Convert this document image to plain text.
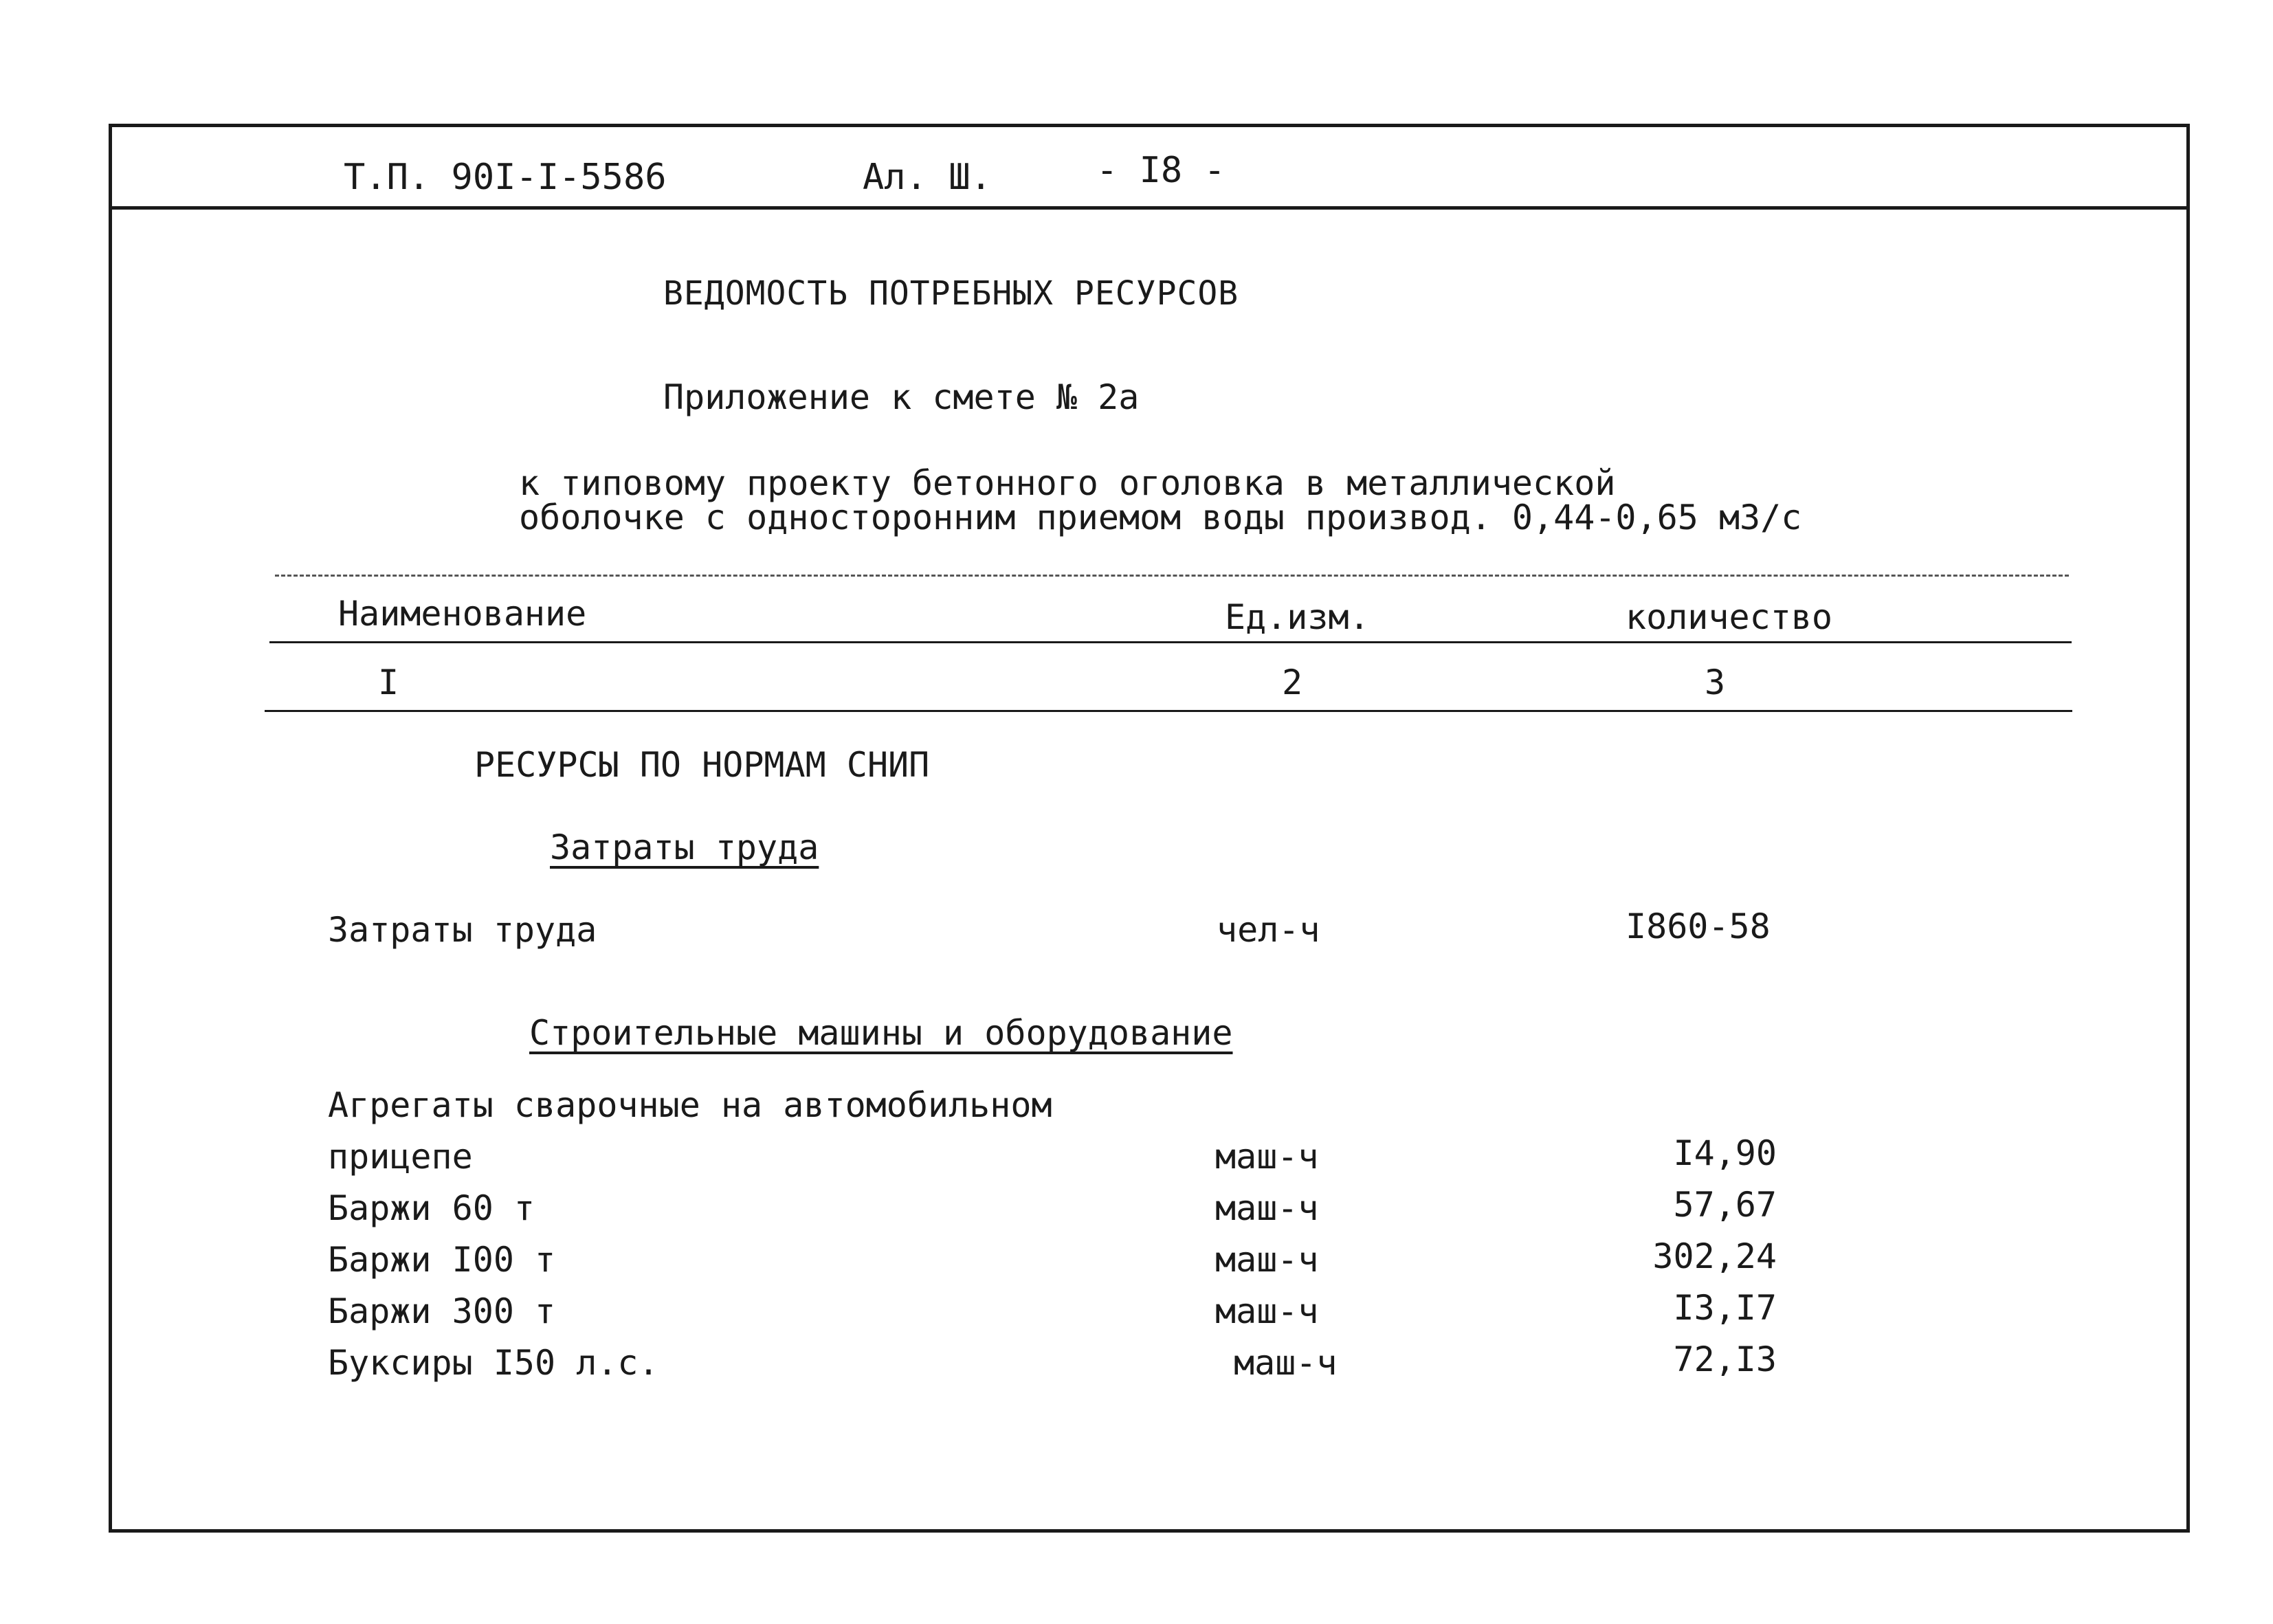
Т.П. 90I-I-5586	Ал. Ш.	- I8 -
ВЕДОМОСТЬ ПОТРЕБНЫХ РЕСУРСОВ
Приложение к смете № 2а
к типовому проекту бетонного оголовка в металлической
оболочке с односторонним приемом воды производ. 0,44-0,65 м3/с
Наименование	Ед.изм.	количество
I	2	3
РЕСУРСЫ ПО НОРМАМ СНИП
Затраты труда
Затраты труда	чел-ч	I860-58
Строительные машины и оборудование
Агрегаты сварочные на автомобильном
прицепе	маш-ч	I4,90
Баржи 60 т	маш-ч	57,67
Баржи I00 т	маш-ч	302,24
Баржи 300 т	маш-ч	I3,I7
Буксиры I50 л.с.	маш-ч	72,I3
